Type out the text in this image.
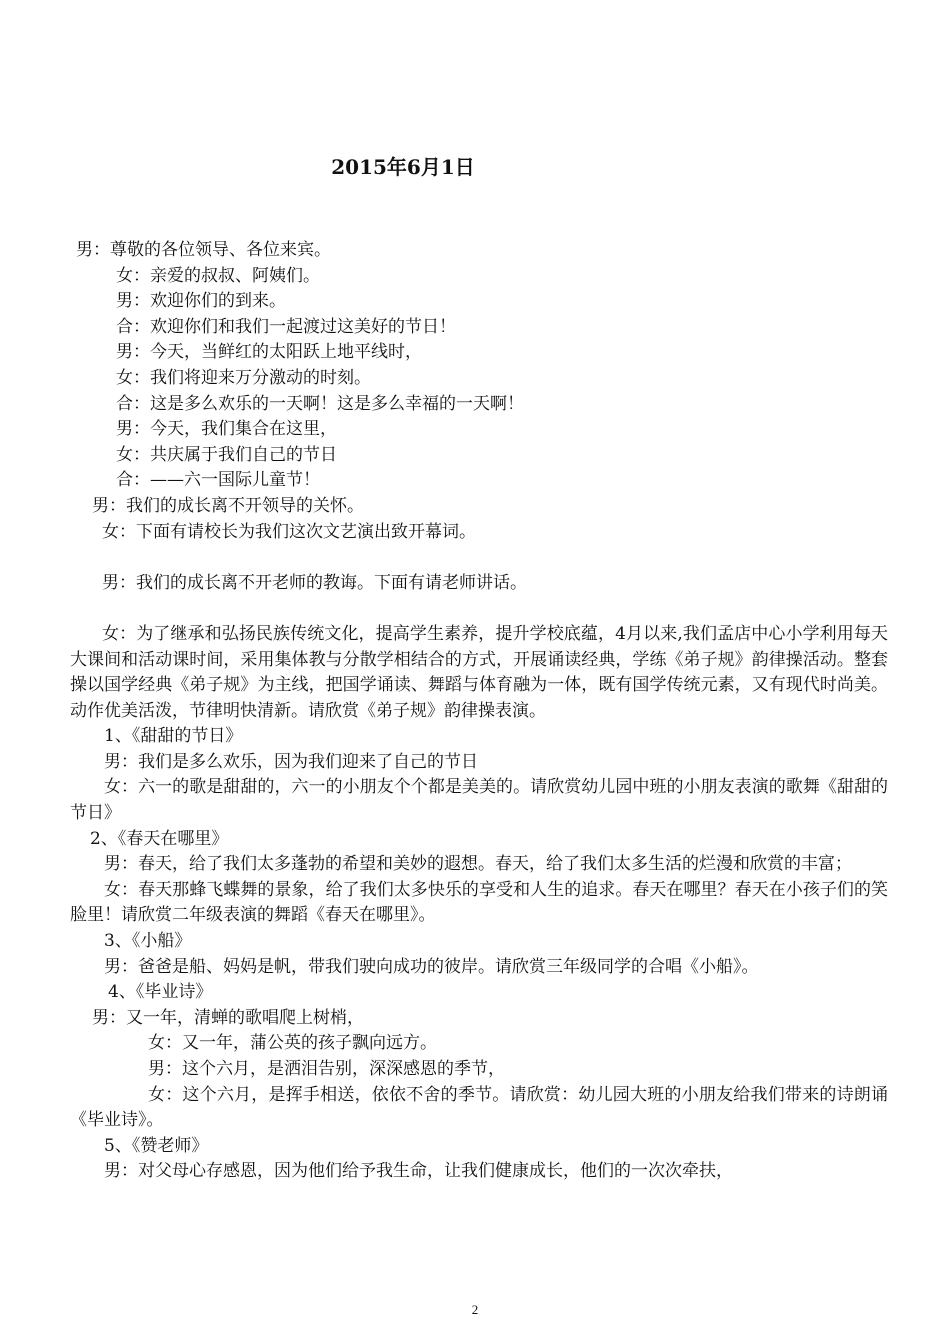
2015年6月1日
男：尊敬的各位领导、各位来宾。
女：亲爱的叔叔、阿姨们。
男：欢迎你们的到来。
合：欢迎你们和我们一起渡过这美好的节日！
男：今天，当鲜红的太阳跃上地平线时，
女：我们将迎来万分激动的时刻。
合：这是多么欢乐的一天啊！这是多么幸福的一天啊！
男：今天，我们集合在这里，
女：共庆属于我们自己的节日
合：——六一国际儿童节！
男：我们的成长离不开领导的关怀。
女：下面有请校长为我们这次文艺演出致开幕词。
男：我们的成长离不开老师的教诲。下面有请老师讲话。
女：为了继承和弘扬民族传统文化，提高学生素养，提升学校底蕴，4月以来,我们孟店中心小学利用每天大课间和活动课时间，采用集体教与分散学相结合的方式，开展诵读经典，学练《弟子规》韵律操活动。整套操以国学经典《弟子规》为主线，把国学诵读、舞蹈与体育融为一体，既有国学传统元素，又有现代时尚美。动作优美活泼，节律明快清新。请欣赏《弟子规》韵律操表演。
1、《甜甜的节日》
男：我们是多么欢乐，因为我们迎来了自己的节日
女：六一的歌是甜甜的，六一的小朋友个个都是美美的。请欣赏幼儿园中班的小朋友表演的歌舞《甜甜的节日》
2、《春天在哪里》
男：春天，给了我们太多蓬勃的希望和美妙的遐想。春天，给了我们太多生活的烂漫和欣赏的丰富；
女：春天那蜂飞蝶舞的景象，给了我们太多快乐的享受和人生的追求。春天在哪里？春天在小孩子们的笑脸里！请欣赏二年级表演的舞蹈《春天在哪里》。
3、《小船》
男：爸爸是船、妈妈是帆，带我们驶向成功的彼岸。请欣赏三年级同学的合唱《小船》。
4、《毕业诗》
男：又一年，清蝉的歌唱爬上树梢，
女：又一年，蒲公英的孩子飘向远方。
男：这个六月，是洒泪告别，深深感恩的季节，
女：这个六月，是挥手相送，依依不舍的季节。请欣赏：幼儿园大班的小朋友给我们带来的诗朗诵《毕业诗》。
5、《赞老师》
男：对父母心存感恩，因为他们给予我生命，让我们健康成长，他们的一次次牵扶，
2
